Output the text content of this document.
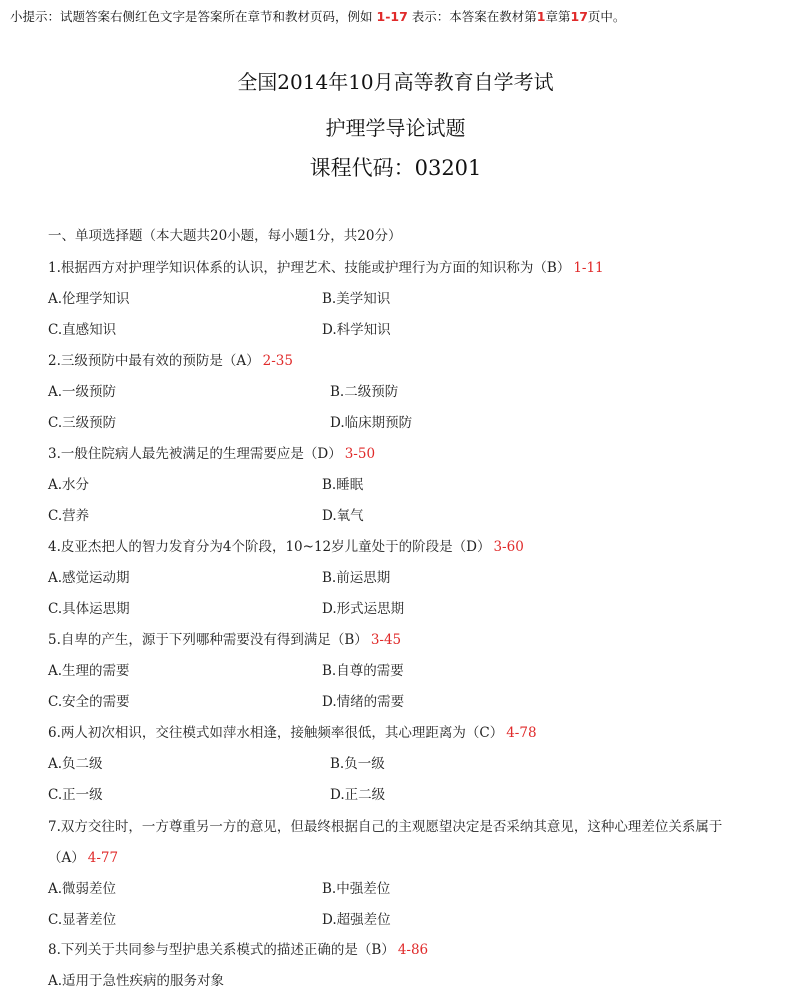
小提示：试题答案右侧红色文字是答案所在章节和教材页码，例如 1-17 表示：本答案在教材第1章第17页中。
全国2014年10月高等教育自学考试
护理学导论试题
课程代码：03201
一、单项选择题（本大题共20小题，每小题1分，共20分）
1.根据西方对护理学知识体系的认识，护理艺术、技能或护理行为方面的知识称为（B） 1-11
A.伦理学知识	B.美学知识
C.直感知识	D.科学知识
2.三级预防中最有效的预防是（A） 2-35
A.一级预防	B.二级预防
C.三级预防	D.临床期预防
3.一般住院病人最先被满足的生理需要应是（D） 3-50
A.水分	B.睡眠
C.营养	D.氧气
4.皮亚杰把人的智力发育分为4个阶段，10~12岁儿童处于的阶段是（D） 3-60
A.感觉运动期	B.前运思期
C.具体运思期	D.形式运思期
5.自卑的产生，源于下列哪种需要没有得到满足（B） 3-45
A.生理的需要	B.自尊的需要
C.安全的需要	D.情绪的需要
6.两人初次相识，交往模式如萍水相逢，接触频率很低，其心理距离为（C） 4-78
A.负二级	B.负一级
C.正一级	D.正二级
7.双方交往时，一方尊重另一方的意见，但最终根据自己的主观愿望决定是否采纳其意见，这种心理差位关系属于
（A） 4-77
A.微弱差位	B.中强差位
C.显著差位	D.超强差位
8.下列关于共同参与型护患关系模式的描述正确的是（B） 4-86
A.适用于急性疾病的服务对象
